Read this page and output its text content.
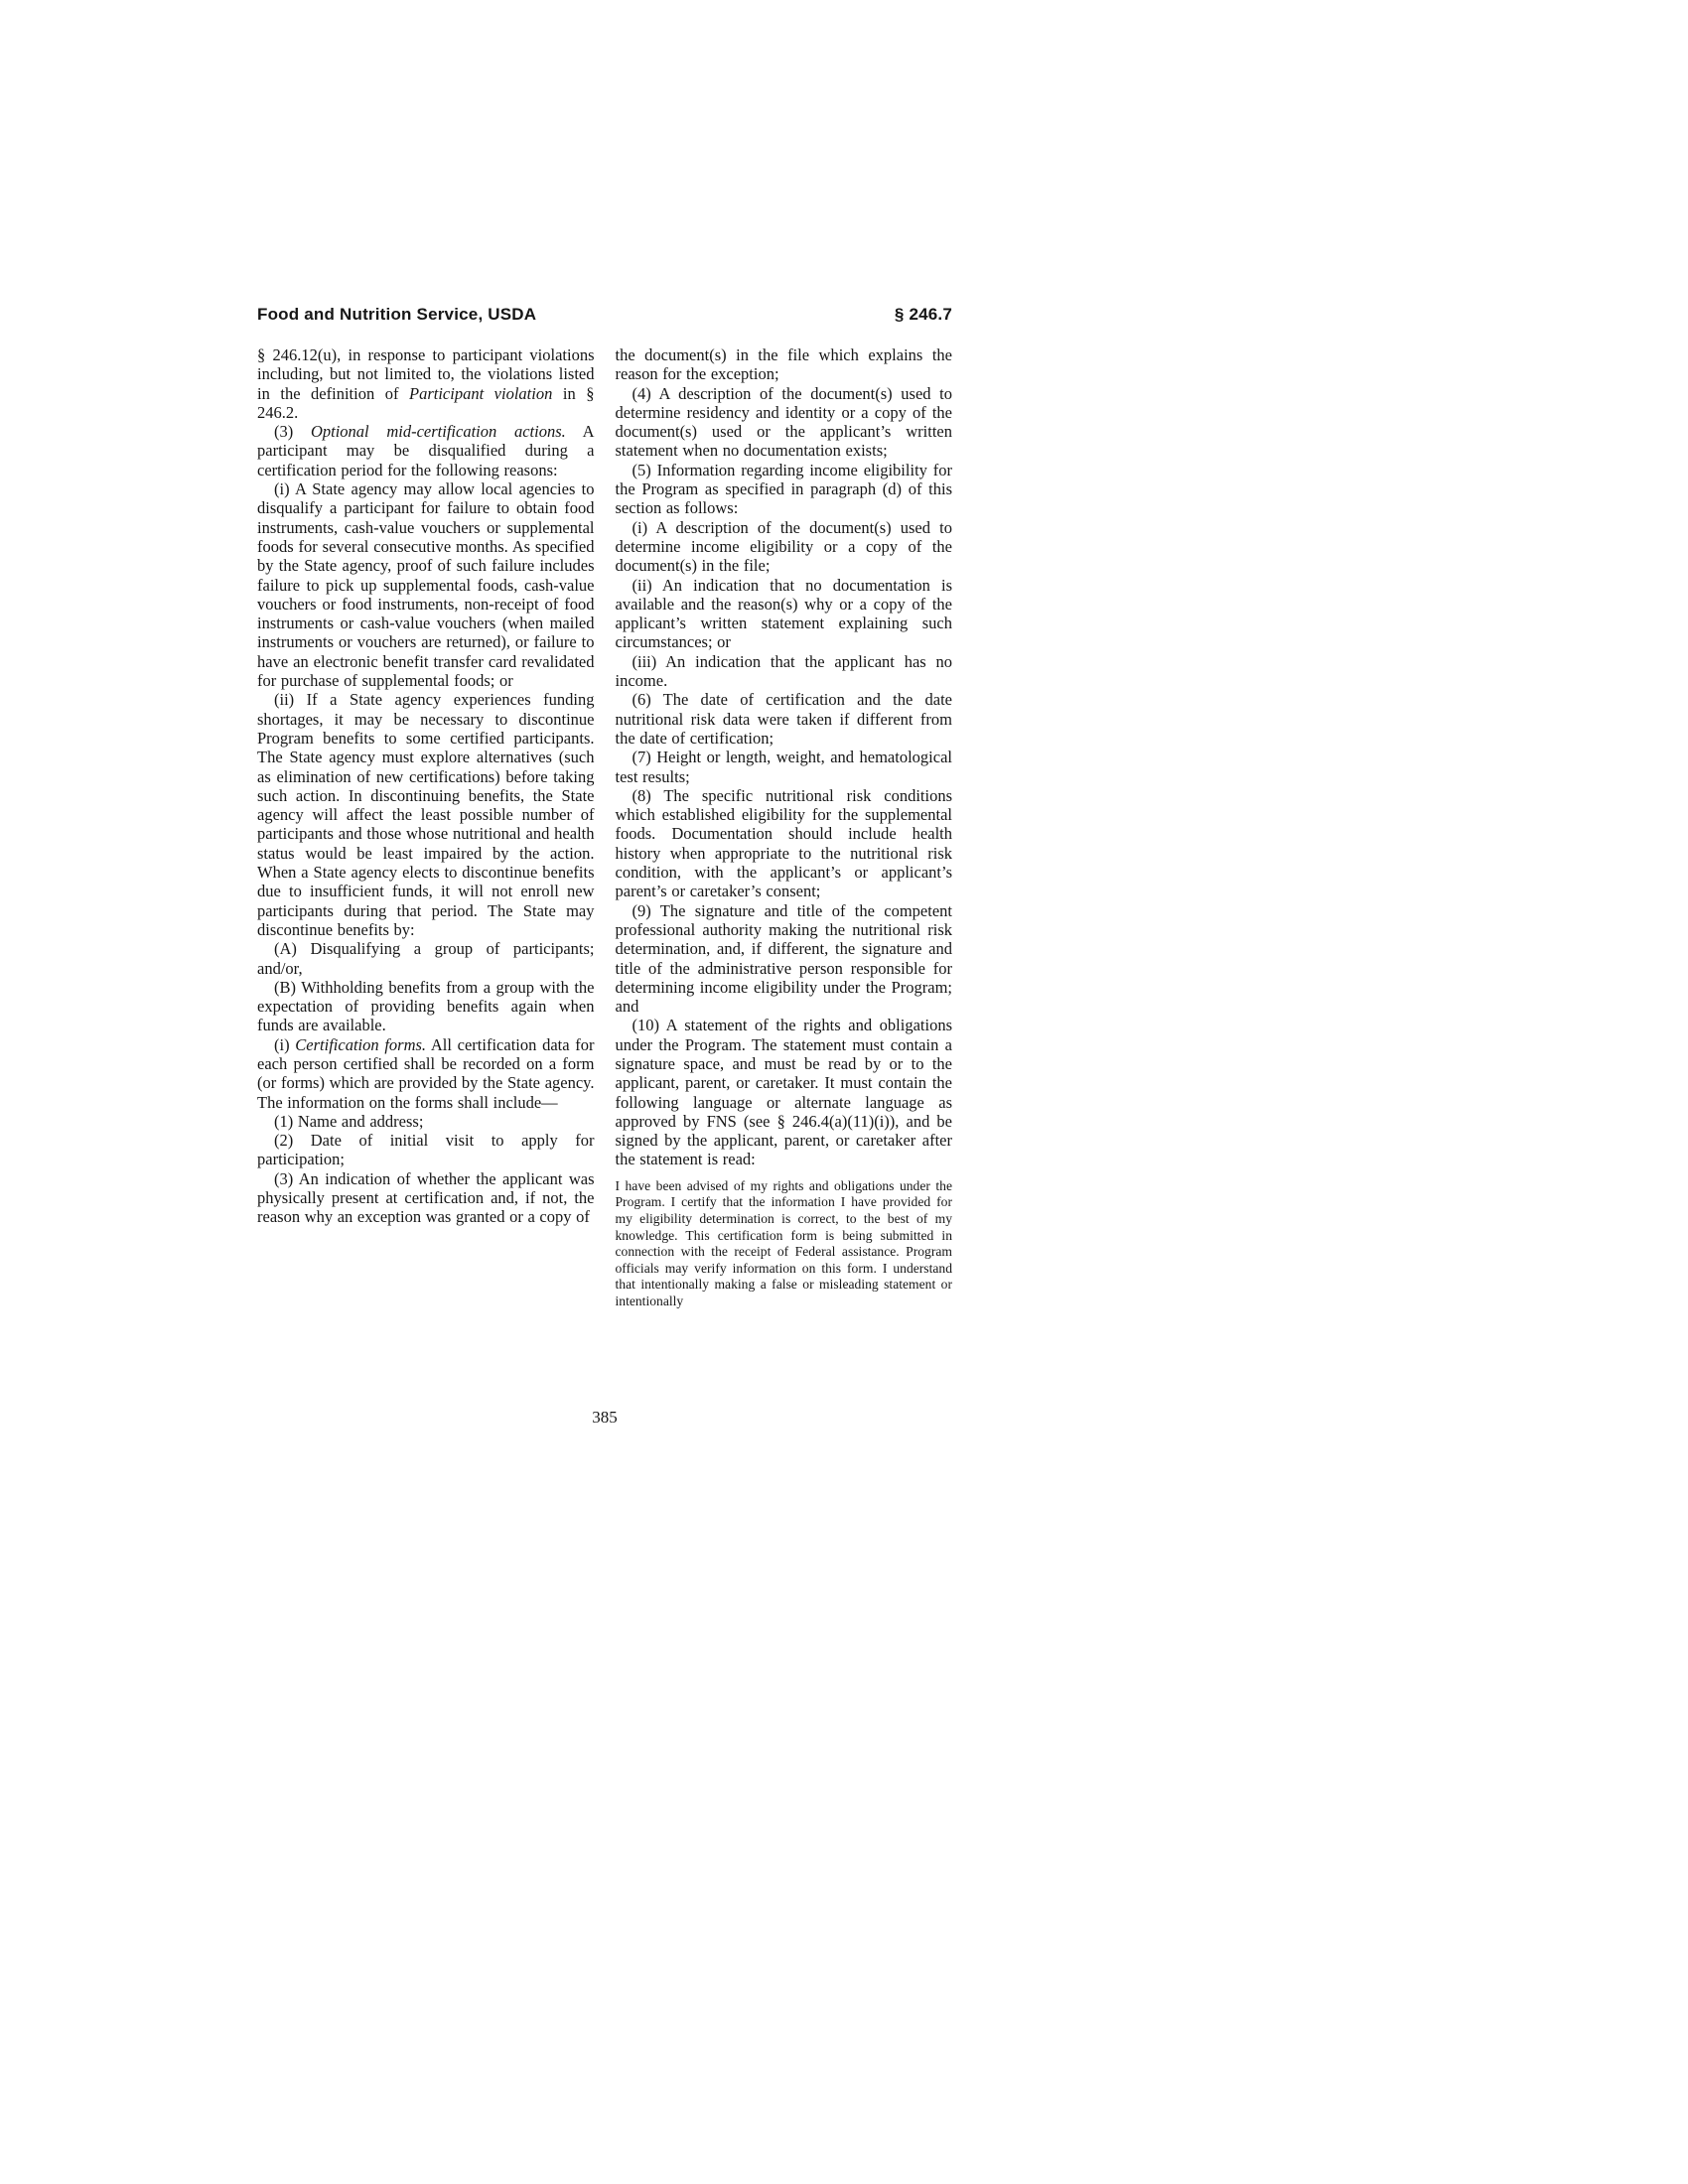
Food and Nutrition Service, USDA	§ 246.7

§ 246.12(u), in response to participant violations including, but not limited to, the violations listed in the definition of Participant violation in § 246.2.

(3) Optional mid-certification actions. A participant may be disqualified during a certification period for the following reasons:

(i) A State agency may allow local agencies to disqualify a participant for failure to obtain food instruments, cash-value vouchers or supplemental foods for several consecutive months. As specified by the State agency, proof of such failure includes failure to pick up supplemental foods, cash-value vouchers or food instruments, non-receipt of food instruments or cash-value vouchers (when mailed instruments or vouchers are returned), or failure to have an electronic benefit transfer card revalidated for purchase of supplemental foods; or

(ii) If a State agency experiences funding shortages, it may be necessary to discontinue Program benefits to some certified participants. The State agency must explore alternatives (such as elimination of new certifications) before taking such action. In discontinuing benefits, the State agency will affect the least possible number of participants and those whose nutritional and health status would be least impaired by the action. When a State agency elects to discontinue benefits due to insufficient funds, it will not enroll new participants during that period. The State may discontinue benefits by:

(A) Disqualifying a group of participants; and/or,

(B) Withholding benefits from a group with the expectation of providing benefits again when funds are available.

(i) Certification forms. All certification data for each person certified shall be recorded on a form (or forms) which are provided by the State agency. The information on the forms shall include—

(1) Name and address;

(2) Date of initial visit to apply for participation;

(3) An indication of whether the applicant was physically present at certification and, if not, the reason why an exception was granted or a copy of

the document(s) in the file which explains the reason for the exception;

(4) A description of the document(s) used to determine residency and identity or a copy of the document(s) used or the applicant’s written statement when no documentation exists;

(5) Information regarding income eligibility for the Program as specified in paragraph (d) of this section as follows:

(i) A description of the document(s) used to determine income eligibility or a copy of the document(s) in the file;

(ii) An indication that no documentation is available and the reason(s) why or a copy of the applicant’s written statement explaining such circumstances; or

(iii) An indication that the applicant has no income.

(6) The date of certification and the date nutritional risk data were taken if different from the date of certification;

(7) Height or length, weight, and hematological test results;

(8) The specific nutritional risk conditions which established eligibility for the supplemental foods. Documentation should include health history when appropriate to the nutritional risk condition, with the applicant’s or applicant’s parent’s or caretaker’s consent;

(9) The signature and title of the competent professional authority making the nutritional risk determination, and, if different, the signature and title of the administrative person responsible for determining income eligibility under the Program; and

(10) A statement of the rights and obligations under the Program. The statement must contain a signature space, and must be read by or to the applicant, parent, or caretaker. It must contain the following language or alternate language as approved by FNS (see § 246.4(a)(11)(i)), and be signed by the applicant, parent, or caretaker after the statement is read:

I have been advised of my rights and obligations under the Program. I certify that the information I have provided for my eligibility determination is correct, to the best of my knowledge. This certification form is being submitted in connection with the receipt of Federal assistance. Program officials may verify information on this form. I understand that intentionally making a false or misleading statement or intentionally

385
